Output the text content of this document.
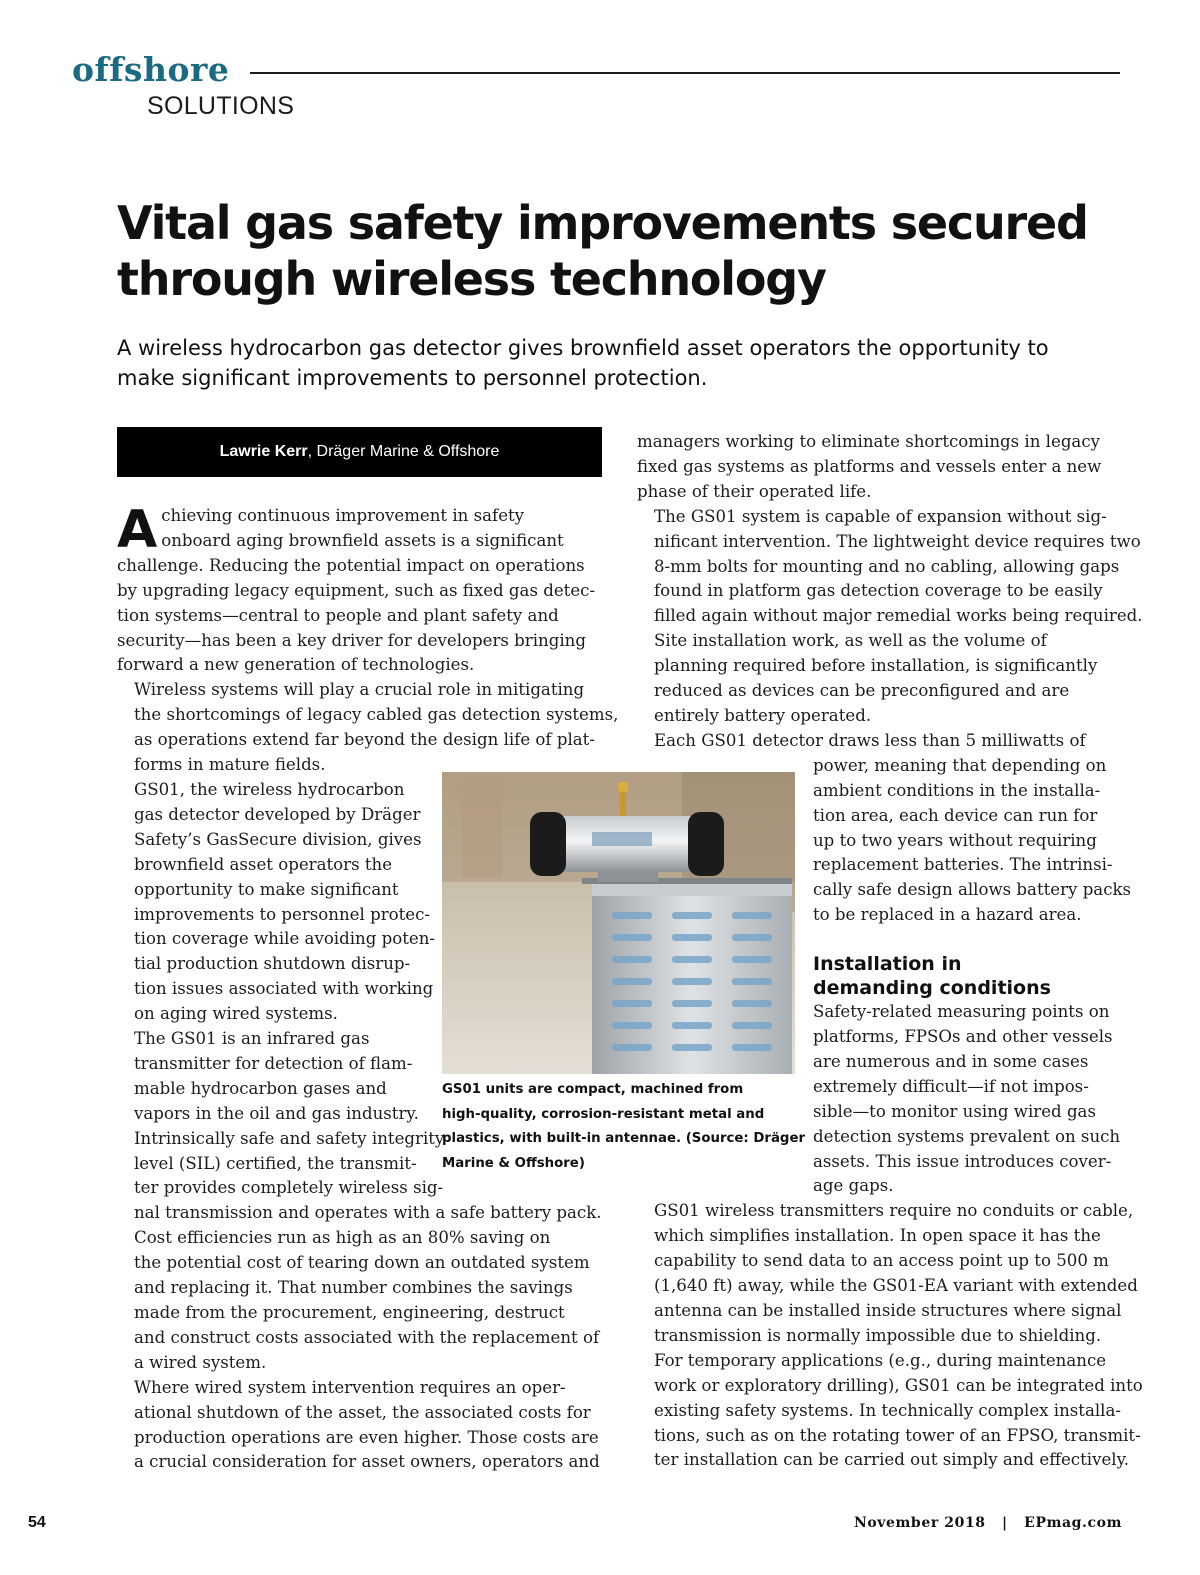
offshore
SOLUTIONS
Vital gas safety improvements secured
through wireless technology

A wireless hydrocarbon gas detector gives brownfield asset operators the opportunity to
make significant improvements to personnel protection.

Lawrie Kerr, Dräger Marine & Offshore

A chieving continuous improvement in safety
onboard aging brownfield assets is a significant
challenge. Reducing the potential impact on operations
by upgrading legacy equipment, such as fixed gas detec-
tion systems—central to people and plant safety and
security—has been a key driver for developers bringing
forward a new generation of technologies.

Wireless systems will play a crucial role in mitigating
the shortcomings of legacy cabled gas detection systems,
as operations extend far beyond the design life of plat-
forms in mature fields.

GS01, the wireless hydrocarbon
gas detector developed by Dräger
Safety’s GasSecure division, gives
brownfield asset operators the
opportunity to make significant
improvements to personnel protec-
tion coverage while avoiding poten-
tial production shutdown disrup-
tion issues associated with working
on aging wired systems.

The GS01 is an infrared gas
transmitter for detection of flam-
mable hydrocarbon gases and
vapors in the oil and gas industry.
Intrinsically safe and safety integrity
level (SIL) certified, the transmit-
ter provides completely wireless sig-
nal transmission and operates with a safe battery pack.

Cost efficiencies run as high as an 80% saving on
the potential cost of tearing down an outdated system
and replacing it. That number combines the savings
made from the procurement, engineering, destruct
and construct costs associated with the replacement of
a wired system.

Where wired system intervention requires an oper-
ational shutdown of the asset, the associated costs for
production operations are even higher. Those costs are
a crucial consideration for asset owners, operators and

managers working to eliminate shortcomings in legacy
fixed gas systems as platforms and vessels enter a new
phase of their operated life.

The GS01 system is capable of expansion without sig-
nificant intervention. The lightweight device requires two
8-mm bolts for mounting and no cabling, allowing gaps
found in platform gas detection coverage to be easily
filled again without major remedial works being required.

Site installation work, as well as the volume of
planning required before installation, is significantly
reduced as devices can be preconfigured and are
entirely battery operated.

Each GS01 detector draws less than 5 milliwatts of

power, meaning that depending on
ambient conditions in the installa-
tion area, each device can run for
up to two years without requiring
replacement batteries. The intrinsi-
cally safe design allows battery packs
to be replaced in a hazard area.

Installation in
demanding conditions

Safety-related measuring points on
platforms, FPSOs and other vessels
are numerous and in some cases
extremely difficult—if not impos-
sible—to monitor using wired gas
detection systems prevalent on such
assets. This issue introduces cover-
age gaps.

GS01 wireless transmitters require no conduits or cable,
which simplifies installation. In open space it has the
capability to send data to an access point up to 500 m
(1,640 ft) away, while the GS01-EA variant with extended
antenna can be installed inside structures where signal
transmission is normally impossible due to shielding.

For temporary applications (e.g., during maintenance
work or exploratory drilling), GS01 can be integrated into
existing safety systems. In technically complex installa-
tions, such as on the rotating tower of an FPSO, transmit-
ter installation can be carried out simply and effectively.

GS01 units are compact, machined from
high-quality, corrosion-resistant metal and
plastics, with built-in antennae. (Source: Dräger
Marine & Offshore)
54	November 2018   |   EPmag.com
